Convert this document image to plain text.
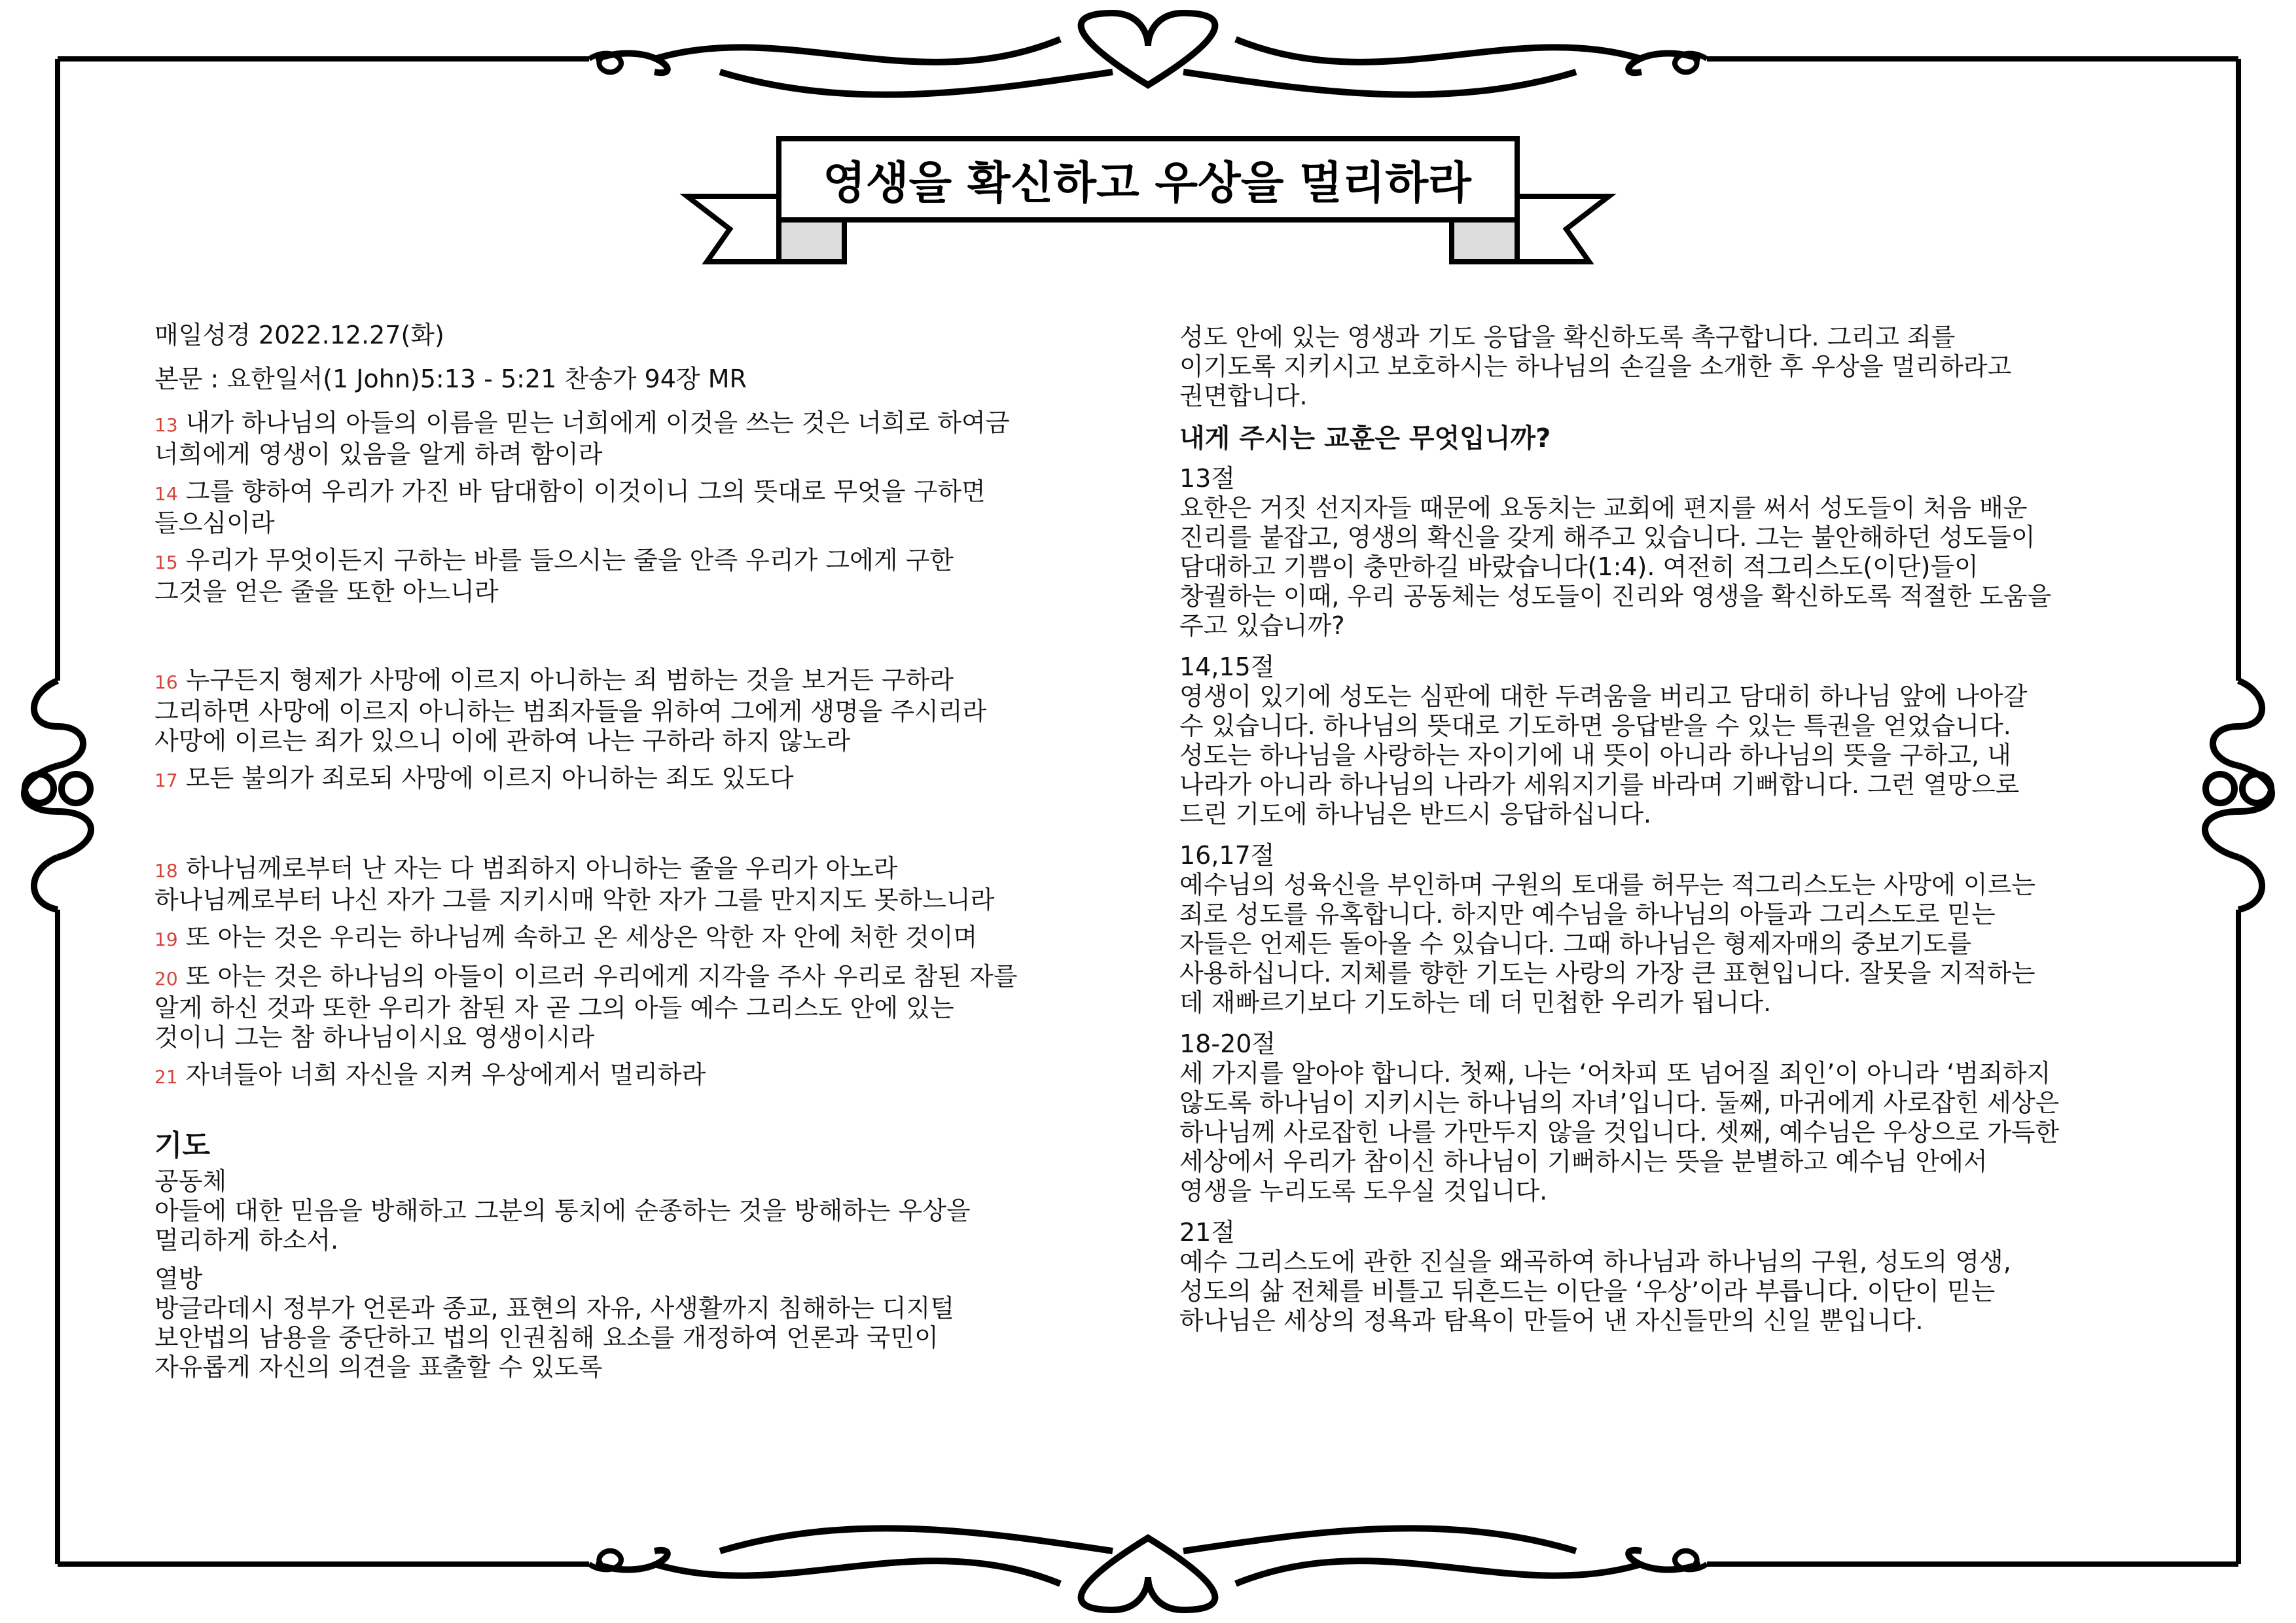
영생을 확신하고 우상을 멀리하라
매일성경 2022.12.27(화)
본문 : 요한일서(1 John)5:13 - 5:21 찬송가 94장 MR
13 내가 하나님의 아들의 이름을 믿는 너희에게 이것을 쓰는 것은 너희로 하여금
너희에게 영생이 있음을 알게 하려 함이라
14 그를 향하여 우리가 가진 바 담대함이 이것이니 그의 뜻대로 무엇을 구하면
들으심이라
15 우리가 무엇이든지 구하는 바를 들으시는 줄을 안즉 우리가 그에게 구한
그것을 얻은 줄을 또한 아느니라
16 누구든지 형제가 사망에 이르지 아니하는 죄 범하는 것을 보거든 구하라
그리하면 사망에 이르지 아니하는 범죄자들을 위하여 그에게 생명을 주시리라
사망에 이르는 죄가 있으니 이에 관하여 나는 구하라 하지 않노라
17 모든 불의가 죄로되 사망에 이르지 아니하는 죄도 있도다
18 하나님께로부터 난 자는 다 범죄하지 아니하는 줄을 우리가 아노라
하나님께로부터 나신 자가 그를 지키시매 악한 자가 그를 만지지도 못하느니라
19 또 아는 것은 우리는 하나님께 속하고 온 세상은 악한 자 안에 처한 것이며
20 또 아는 것은 하나님의 아들이 이르러 우리에게 지각을 주사 우리로 참된 자를
알게 하신 것과 또한 우리가 참된 자 곧 그의 아들 예수 그리스도 안에 있는
것이니 그는 참 하나님이시요 영생이시라
21 자녀들아 너희 자신을 지켜 우상에게서 멀리하라
기도
공동체
아들에 대한 믿음을 방해하고 그분의 통치에 순종하는 것을 방해하는 우상을
멀리하게 하소서.
열방
방글라데시 정부가 언론과 종교, 표현의 자유, 사생활까지 침해하는 디지털
보안법의 남용을 중단하고 법의 인권침해 요소를 개정하여 언론과 국민이
자유롭게 자신의 의견을 표출할 수 있도록
성도 안에 있는 영생과 기도 응답을 확신하도록 촉구합니다. 그리고 죄를
이기도록 지키시고 보호하시는 하나님의 손길을 소개한 후 우상을 멀리하라고
권면합니다.
내게 주시는 교훈은 무엇입니까?
13절
요한은 거짓 선지자들 때문에 요동치는 교회에 편지를 써서 성도들이 처음 배운
진리를 붙잡고, 영생의 확신을 갖게 해주고 있습니다. 그는 불안해하던 성도들이
담대하고 기쁨이 충만하길 바랐습니다(1:4). 여전히 적그리스도(이단)들이
창궐하는 이때, 우리 공동체는 성도들이 진리와 영생을 확신하도록 적절한 도움을
주고 있습니까?
14,15절
영생이 있기에 성도는 심판에 대한 두려움을 버리고 담대히 하나님 앞에 나아갈
수 있습니다. 하나님의 뜻대로 기도하면 응답받을 수 있는 특권을 얻었습니다.
성도는 하나님을 사랑하는 자이기에 내 뜻이 아니라 하나님의 뜻을 구하고, 내
나라가 아니라 하나님의 나라가 세워지기를 바라며 기뻐합니다. 그런 열망으로
드린 기도에 하나님은 반드시 응답하십니다.
16,17절
예수님의 성육신을 부인하며 구원의 토대를 허무는 적그리스도는 사망에 이르는
죄로 성도를 유혹합니다. 하지만 예수님을 하나님의 아들과 그리스도로 믿는
자들은 언제든 돌아올 수 있습니다. 그때 하나님은 형제자매의 중보기도를
사용하십니다. 지체를 향한 기도는 사랑의 가장 큰 표현입니다. 잘못을 지적하는
데 재빠르기보다 기도하는 데 더 민첩한 우리가 됩니다.
18-20절
세 가지를 알아야 합니다. 첫째, 나는 ‘어차피 또 넘어질 죄인’이 아니라 ‘범죄하지
않도록 하나님이 지키시는 하나님의 자녀’입니다. 둘째, 마귀에게 사로잡힌 세상은
하나님께 사로잡힌 나를 가만두지 않을 것입니다. 셋째, 예수님은 우상으로 가득한
세상에서 우리가 참이신 하나님이 기뻐하시는 뜻을 분별하고 예수님 안에서
영생을 누리도록 도우실 것입니다.
21절
예수 그리스도에 관한 진실을 왜곡하여 하나님과 하나님의 구원, 성도의 영생,
성도의 삶 전체를 비틀고 뒤흔드는 이단을 ‘우상’이라 부릅니다. 이단이 믿는
하나님은 세상의 정욕과 탐욕이 만들어 낸 자신들만의 신일 뿐입니다.
